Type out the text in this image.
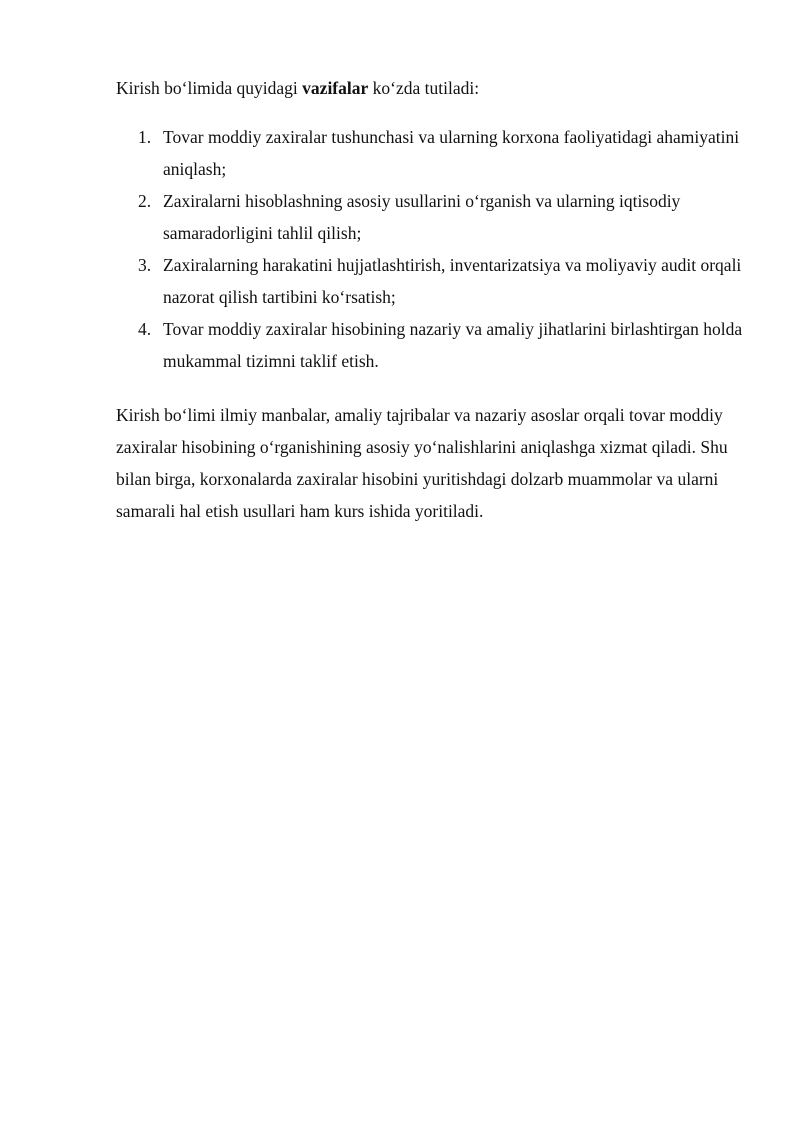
Kirish bo‘limida quyidagi vazifalar ko‘zda tutiladi:

1. Tovar moddiy zaxiralar tushunchasi va ularning korxona faoliyatidagi ahamiyatini aniqlash;
2. Zaxiralarni hisoblashning asosiy usullarini o‘rganish va ularning iqtisodiy samaradorligini tahlil qilish;
3. Zaxiralarning harakatini hujjatlashtirish, inventarizatsiya va moliyaviy audit orqali nazorat qilish tartibini ko‘rsatish;
4. Tovar moddiy zaxiralar hisobining nazariy va amaliy jihatlarini birlashtirgan holda mukammal tizimni taklif etish.

Kirish bo‘limi ilmiy manbalar, amaliy tajribalar va nazariy asoslar orqali tovar moddiy zaxiralar hisobining o‘rganishining asosiy yo‘nalishlarini aniqlashga xizmat qiladi. Shu bilan birga, korxonalarda zaxiralar hisobini yuritishdagi dolzarb muammolar va ularni samarali hal etish usullari ham kurs ishida yoritiladi.
